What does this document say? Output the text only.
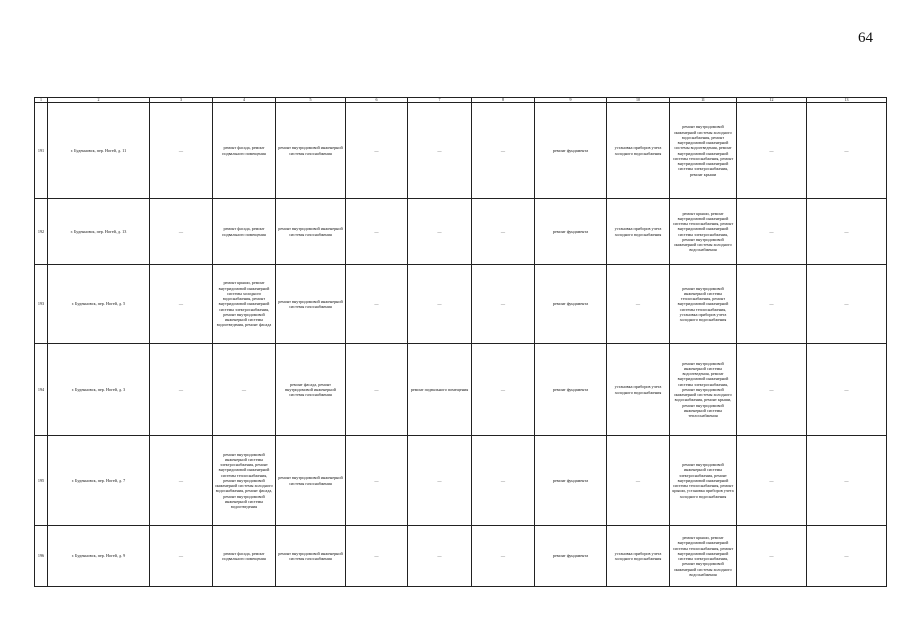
64
1	2	3	4	5	6	7	8	9	10	11	12	13
191	г. Буденновск, пер. Ногей, д. 11	—	ремонт фасада, ремонт подвального помещения	ремонт внутридомовой инженерной системы газоснабжения	—	—	—	ремонт фундамента	установка приборов учета холодного водоснабжения	ремонт внутридомовой инженерной системы холодного водоснабжения, ремонт внутридомовой инженерной системы водоотведения, ремонт внутридомовой инженерной системы теплоснабжения, ремонт внутридомовой инженерной системы электроснабжения, ремонт крыши	—	—
192	г. Буденновск, пер. Ногей, д. 13	—	ремонт фасада, ремонт подвального помещения	ремонт внутридомовой инженерной системы газоснабжения	—	—	—	ремонт фундамента	установка приборов учета холодного водоснабжения	ремонт крыши, ремонт внутридомовой инженерной системы теплоснабжения, ремонт внутридомовой инженерной системы электроснабжения, ремонт внутридомовой инженерной системы холодного водоснабжения	—	—
193	г. Буденновск, пер. Ногей, д. 5	—	ремонт крыши, ремонт внутридомовой инженерной системы холодного водоснабжения, ремонт внутридомовой инженерной системы электроснабжения, ремонт внутридомовой инженерной системы водоотведения, ремонт фасада	ремонт внутридомовой инженерной системы газоснабжения	—	—	—	ремонт фундамента	—	ремонт внутридомовой инженерной системы теплоснабжения, ремонт внутридомовой инженерной системы теплоснабжения, установка приборов учета холодного водоснабжения	—	—
194	г. Буденновск, пер. Ногей, д. 3	—	—	ремонт фасада, ремонт внутридомовой инженерной системы газоснабжения	—	ремонт подвального помещения	—	ремонт фундамента	установка приборов учета холодного водоснабжения	ремонт внутридомовой инженерной системы водоотведения, ремонт внутридомовой инженерной системы электроснабжения, ремонт внутридомовой инженерной системы холодного водоснабжения, ремонт крыши, ремонт внутридомовой инженерной системы теплоснабжения	—	—
195	г. Буденновск, пер. Ногей, д. 7	—	ремонт внутридомовой инженерной системы электроснабжения, ремонт внутридомовой инженерной системы теплоснабжения, ремонт внутридомовой инженерной системы холодного водоснабжения, ремонт фасада, ремонт внутридомовой инженерной системы водоотведения	ремонт внутридомовой инженерной системы газоснабжения	—	—	—	ремонт фундамента	—	ремонт внутридомовой инженерной системы электроснабжения, ремонт внутридомовой инженерной системы теплоснабжения, ремонт крыши, установка приборов учета холодного водоснабжения	—	—
196	г. Буденновск, пер. Ногей, д. 9	—	ремонт фасада, ремонт подвального помещения	ремонт внутридомовой инженерной системы газоснабжения	—	—	—	ремонт фундамента	установка приборов учета холодного водоснабжения	ремонт крыши, ремонт внутридомовой инженерной системы теплоснабжения, ремонт внутридомовой инженерной системы электроснабжения, ремонт внутридомовой инженерной системы холодного водоснабжения	—	—
